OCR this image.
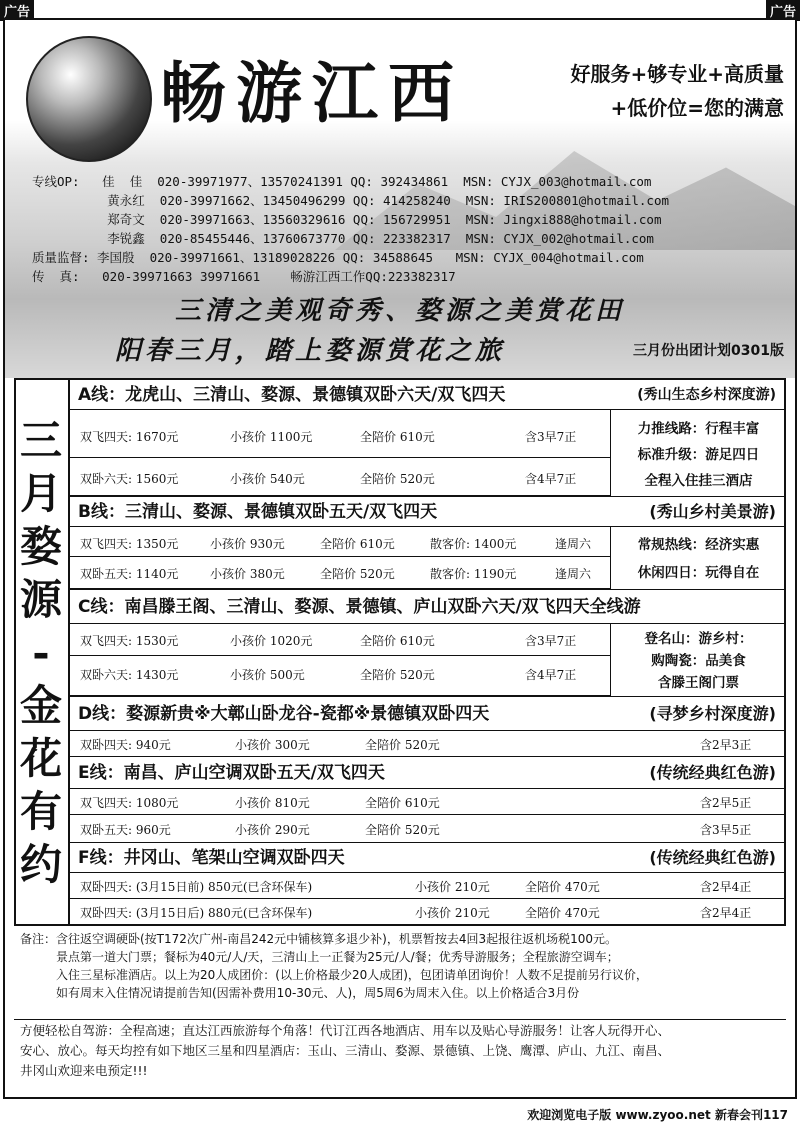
广告	广告
畅游江西	好服务+够专业+高质量
+低价位=您的满意
专线OP:   佳  佳  020-39971977、13570241391 QQ: 392434861  MSN: CYJX_003@hotmail.com
黄永红  020-39971662、13450496299 QQ: 414258240  MSN: IRIS200801@hotmail.com
郑奇文  020-39971663、13560329616 QQ: 156729951  MSN: Jingxi888@hotmail.com
李锐鑫  020-85455446、13760673770 QQ: 223382317  MSN: CYJX_002@hotmail.com
质量监督: 李国殷  020-39971661、13189028226 QQ: 34588645   MSN: CYJX_004@hotmail.com
传  真:   020-39971663 39971661    畅游江西工作QQ:223382317
三清之美观奇秀、婺源之美赏花田
阳春三月，踏上婺源赏花之旅	三月份出团计划0301版
三
月
婺
源
-
金
花
有
约
A线：龙虎山、三清山、婺源、景德镇双卧六天/双飞四天	(秀山生态乡村深度游)
双飞四天: 1670元	小孩价 1100元	全陪价 610元	含3早7正
双卧六天: 1560元	小孩价 540元	全陪价 520元	含4早7正
力推线路：行程丰富
标准升级：游足四日
全程入住挂三酒店
B线：三清山、婺源、景德镇双卧五天/双飞四天	(秀山乡村美景游)
双飞四天: 1350元	小孩价 930元	全陪价 610元	散客价: 1400元	逢周六
双卧五天: 1140元	小孩价 380元	全陪价 520元	散客价: 1190元	逢周六
常规热线：经济实惠
休闲四日：玩得自在
C线：南昌滕王阁、三清山、婺源、景德镇、庐山双卧六天/双飞四天全线游
双飞四天: 1530元	小孩价 1020元	全陪价 610元	含3早7正
双卧六天: 1430元	小孩价 500元	全陪价 520元	含4早7正
登名山：游乡村：
购陶瓷：品美食
含滕王阁门票
D线：婺源新贵※大鄣山卧龙谷-瓷都※景德镇双卧四天	(寻梦乡村深度游)
双卧四天: 940元	小孩价 300元	全陪价 520元	含2早3正
E线：南昌、庐山空调双卧五天/双飞四天	(传统经典红色游)
双飞四天: 1080元	小孩价 810元	全陪价 610元	含2早5正
双卧五天: 960元	小孩价 290元	全陪价 520元	含3早5正
F线：井冈山、笔架山空调双卧四天	(传统经典红色游)
双卧四天: (3月15日前) 850元(已含环保车)	小孩价 210元	全陪价 470元	含2早4正
双卧四天: (3月15日后) 880元(已含环保车)	小孩价 210元	全陪价 470元	含2早4正
备注：含往返空调硬卧(按T172次广州-南昌242元中铺核算多退少补)，机票暂按去4回3起报往返机场税100元。
景点第一道大门票；餐标为40元/人/天，三清山上一正餐为25元/人/餐；优秀导游服务；全程旅游空调车；
入住三星标准酒店。以上为20人成团价：(以上价格最少20人成团)，包团请单团询价！人数不足提前另行议价，
如有周末入住情况请提前告知(因需补费用10-30元、人)，周5周6为周末入住。以上价格适合3月份
方便轻松自驾游：全程高速；直达江西旅游每个角落！代订江西各地酒店、用车以及贴心导游服务！让客人玩得开心、
安心、放心。每天均控有如下地区三星和四星酒店：玉山、三清山、婺源、景德镇、上饶、鹰潭、庐山、九江、南昌、
井冈山欢迎来电预定!!!
欢迎浏览电子版 www.zyoo.net 新春会刊117
